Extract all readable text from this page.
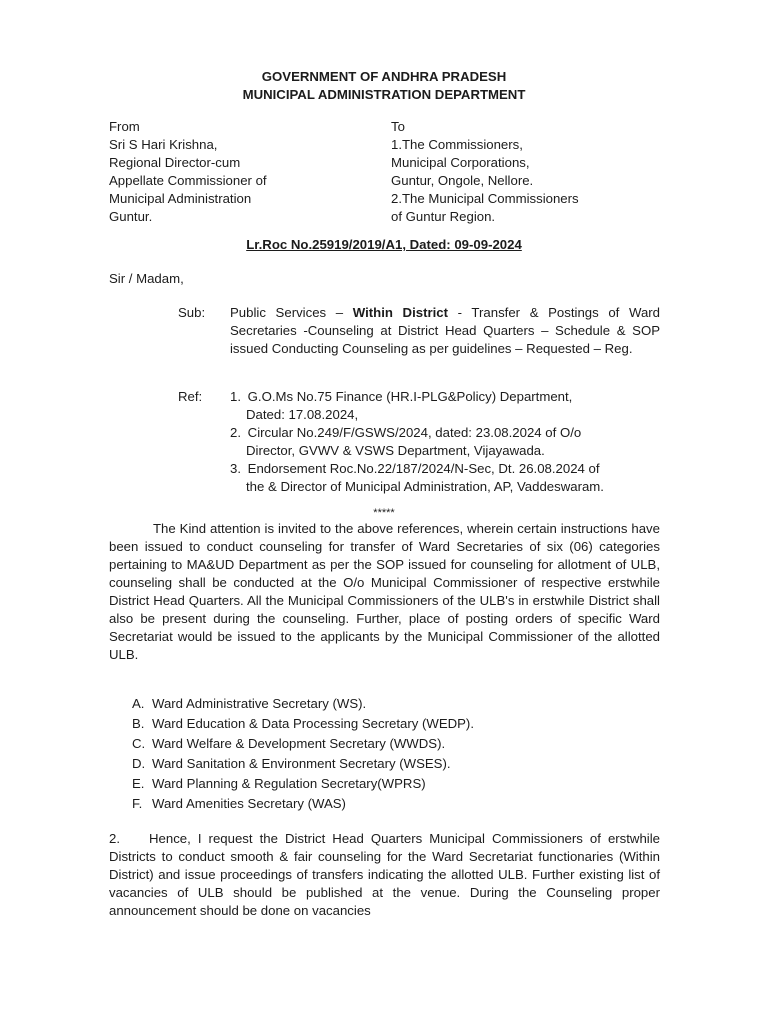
GOVERNMENT OF ANDHRA PRADESH
MUNICIPAL ADMINISTRATION DEPARTMENT
From
Sri S Hari Krishna,
Regional Director-cum
Appellate Commissioner of
Municipal Administration
Guntur.
To
1.The Commissioners,
Municipal Corporations,
Guntur, Ongole, Nellore.
2.The Municipal Commissioners
of Guntur Region.
Lr.Roc No.25919/2019/A1, Dated: 09-09-2024
Sir / Madam,
Sub:	Public Services – Within District - Transfer & Postings of Ward Secretaries -Counseling at District Head Quarters – Schedule & SOP issued Conducting Counseling as per guidelines – Requested – Reg.
Ref:	1. G.O.Ms No.75 Finance (HR.I-PLG&Policy) Department,
Dated: 17.08.2024,
2. Circular No.249/F/GSWS/2024, dated: 23.08.2024 of O/o
Director, GVWV & VSWS Department, Vijayawada.
3. Endorsement Roc.No.22/187/2024/N-Sec, Dt. 26.08.2024 of
the & Director of Municipal Administration, AP, Vaddeswaram.
*****
The Kind attention is invited to the above references, wherein certain instructions have been issued to conduct counseling for transfer of Ward Secretaries of six (06) categories pertaining to MA&UD Department as per the SOP issued for counseling for allotment of ULB, counseling shall be conducted at the O/o Municipal Commissioner of respective erstwhile District Head Quarters. All the Municipal Commissioners of the ULB's in erstwhile District shall also be present during the counseling. Further, place of posting orders of specific Ward Secretariat would be issued to the applicants by the Municipal Commissioner of the allotted ULB.
A. Ward Administrative Secretary (WS).
B. Ward Education & Data Processing Secretary (WEDP).
C. Ward Welfare & Development Secretary (WWDS).
D. Ward Sanitation & Environment Secretary (WSES).
E. Ward Planning & Regulation Secretary(WPRS)
F. Ward Amenities Secretary (WAS)
2. Hence, I request the District Head Quarters Municipal Commissioners of erstwhile Districts to conduct smooth & fair counseling for the Ward Secretariat functionaries (Within District) and issue proceedings of transfers indicating the allotted ULB. Further existing list of vacancies of ULB should be published at the venue. During the Counseling proper announcement should be done on vacancies
